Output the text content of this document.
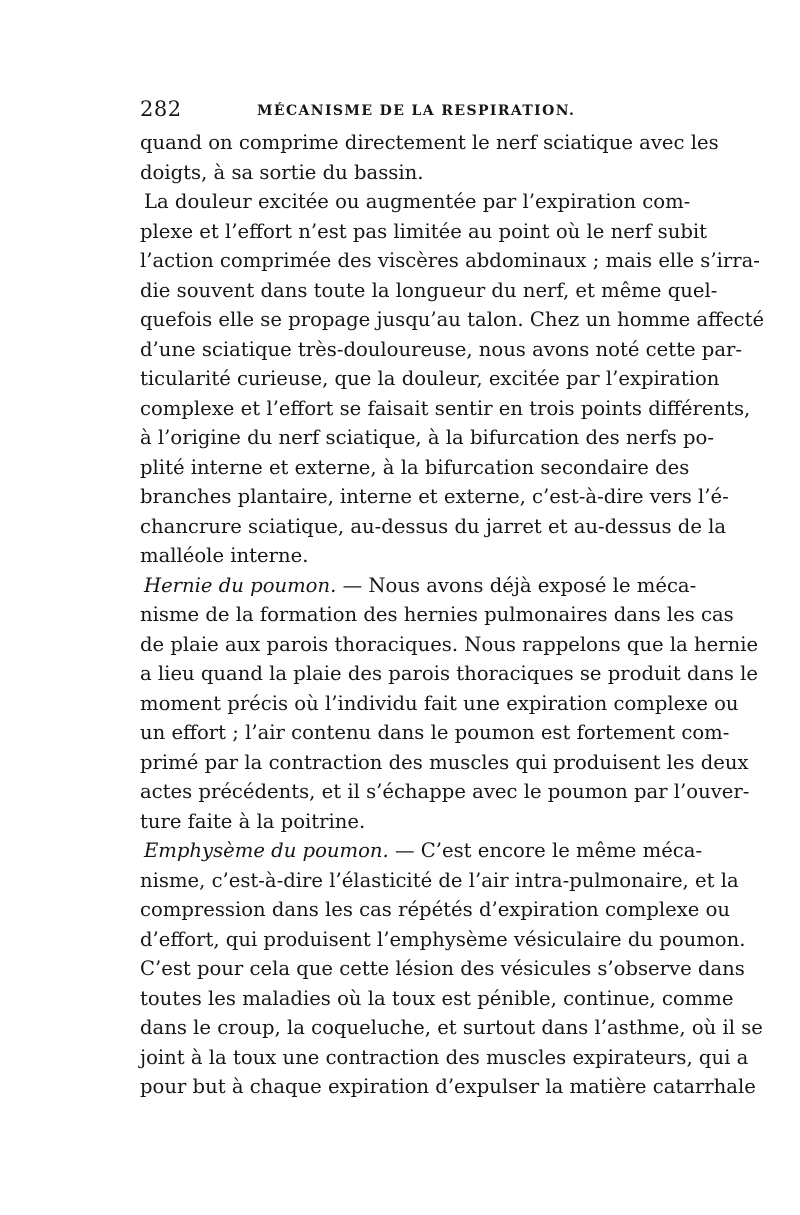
282	MÉCANISME DE LA RESPIRATION.
quand on comprime directement le nerf sciatique avec les
doigts, à sa sortie du bassin.
La douleur excitée ou augmentée par l’expiration com-
plexe et l’effort n’est pas limitée au point où le nerf subit
l’action comprimée des viscères abdominaux ; mais elle s’irra-
die souvent dans toute la longueur du nerf, et même quel-
quefois elle se propage jusqu’au talon. Chez un homme affecté
d’une sciatique très-douloureuse, nous avons noté cette par-
ticularité curieuse, que la douleur, excitée par l’expiration
complexe et l’effort se faisait sentir en trois points différents,
à l’origine du nerf sciatique, à la bifurcation des nerfs po-
plité interne et externe, à la bifurcation secondaire des
branches plantaire, interne et externe, c’est-à-dire vers l’é-
chancrure sciatique, au-dessus du jarret et au-dessus de la
malléole interne.
Hernie du poumon. — Nous avons déjà exposé le méca-
nisme de la formation des hernies pulmonaires dans les cas
de plaie aux parois thoraciques. Nous rappelons que la hernie
a lieu quand la plaie des parois thoraciques se produit dans le
moment précis où l’individu fait une expiration complexe ou
un effort ; l’air contenu dans le poumon est fortement com-
primé par la contraction des muscles qui produisent les deux
actes précédents, et il s’échappe avec le poumon par l’ouver-
ture faite à la poitrine.
Emphysème du poumon. — C’est encore le même méca-
nisme, c’est-à-dire l’élasticité de l’air intra-pulmonaire, et la
compression dans les cas répétés d’expiration complexe ou
d’effort, qui produisent l’emphysème vésiculaire du poumon.
C’est pour cela que cette lésion des vésicules s’observe dans
toutes les maladies où la toux est pénible, continue, comme
dans le croup, la coqueluche, et surtout dans l’asthme, où il se
joint à la toux une contraction des muscles expirateurs, qui a
pour but à chaque expiration d’expulser la matière catarrhale
